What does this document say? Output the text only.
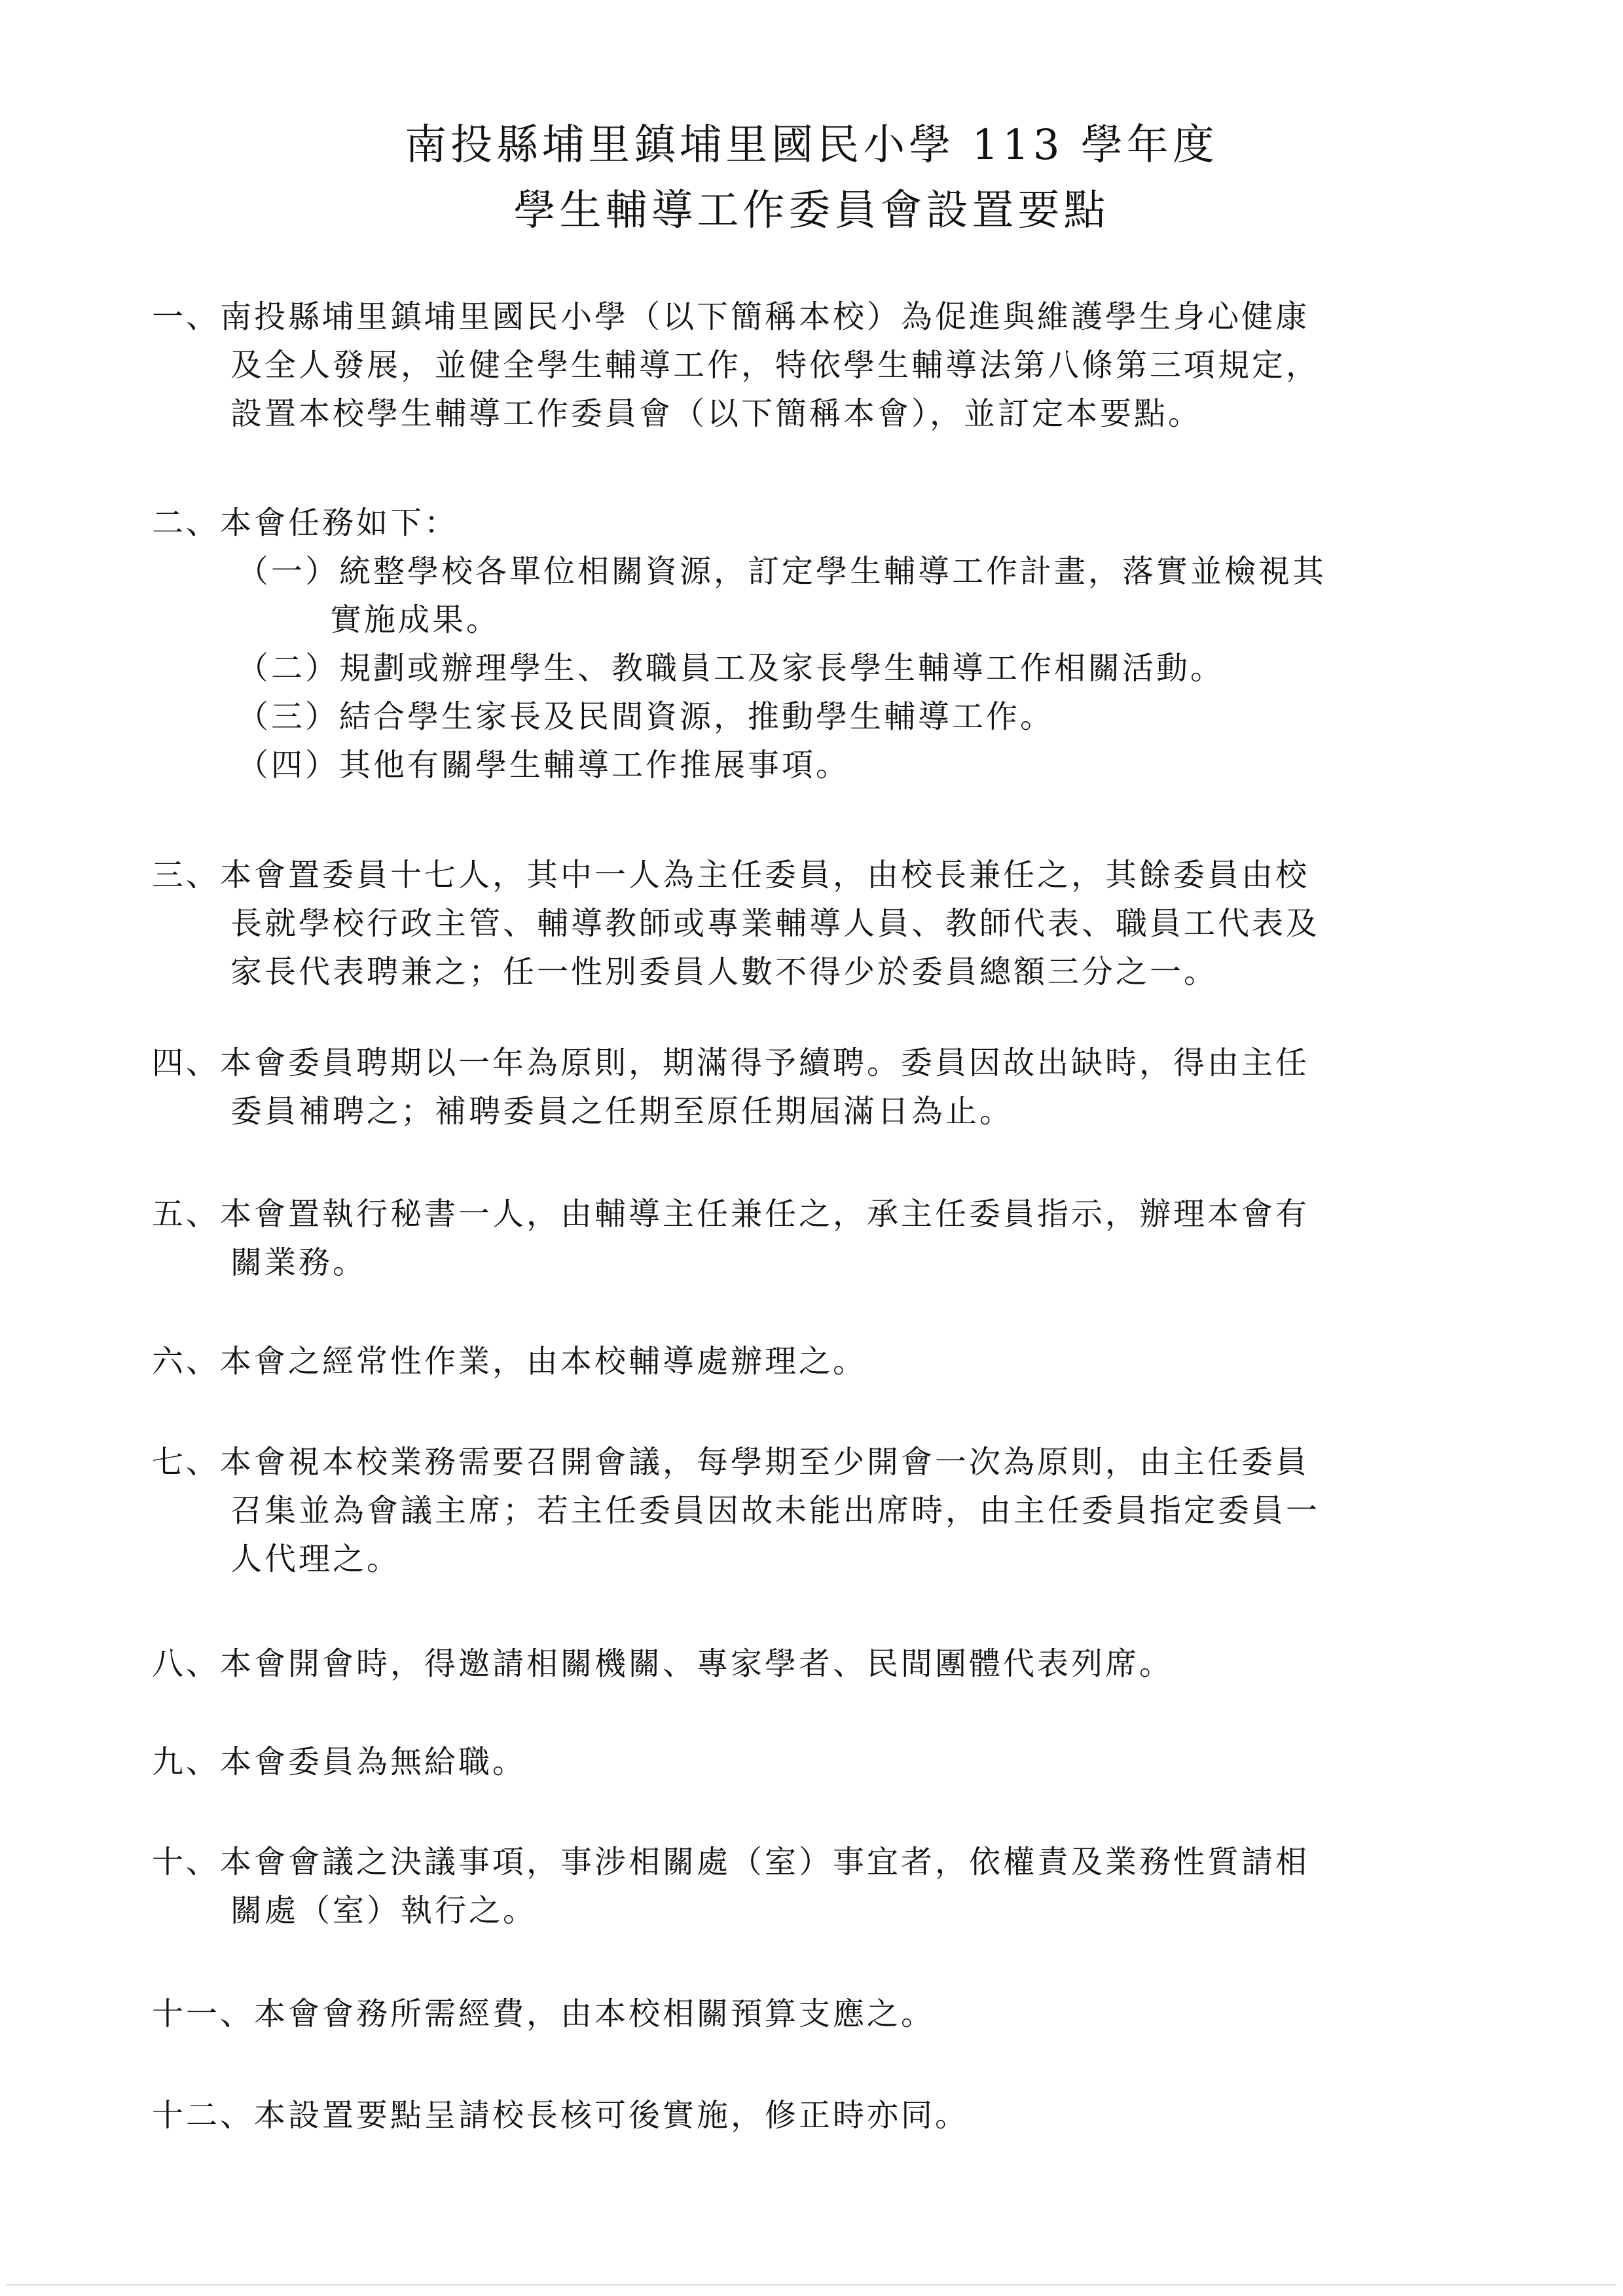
南投縣埔里鎮埔里國民小學 113 學年度
學生輔導工作委員會設置要點
一、南投縣埔里鎮埔里國民小學（以下簡稱本校）為促進與維護學生身心健康
及全人發展，並健全學生輔導工作，特依學生輔導法第八條第三項規定，
設置本校學生輔導工作委員會（以下簡稱本會），並訂定本要點。
二、本會任務如下：
（一）統整學校各單位相關資源，訂定學生輔導工作計畫，落實並檢視其
實施成果。
（二）規劃或辦理學生、教職員工及家長學生輔導工作相關活動。
（三）結合學生家長及民間資源，推動學生輔導工作。
（四）其他有關學生輔導工作推展事項。
三、本會置委員十七人，其中一人為主任委員，由校長兼任之，其餘委員由校
長就學校行政主管、輔導教師或專業輔導人員、教師代表、職員工代表及
家長代表聘兼之；任一性別委員人數不得少於委員總額三分之一。
四、本會委員聘期以一年為原則，期滿得予續聘。委員因故出缺時，得由主任
委員補聘之；補聘委員之任期至原任期屆滿日為止。
五、本會置執行秘書一人，由輔導主任兼任之，承主任委員指示，辦理本會有
關業務。
六、本會之經常性作業，由本校輔導處辦理之。
七、本會視本校業務需要召開會議，每學期至少開會一次為原則，由主任委員
召集並為會議主席；若主任委員因故未能出席時，由主任委員指定委員一
人代理之。
八、本會開會時，得邀請相關機關、專家學者、民間團體代表列席。
九、本會委員為無給職。
十、本會會議之決議事項，事涉相關處（室）事宜者，依權責及業務性質請相
關處（室）執行之。
十一、本會會務所需經費，由本校相關預算支應之。
十二、本設置要點呈請校長核可後實施，修正時亦同。
